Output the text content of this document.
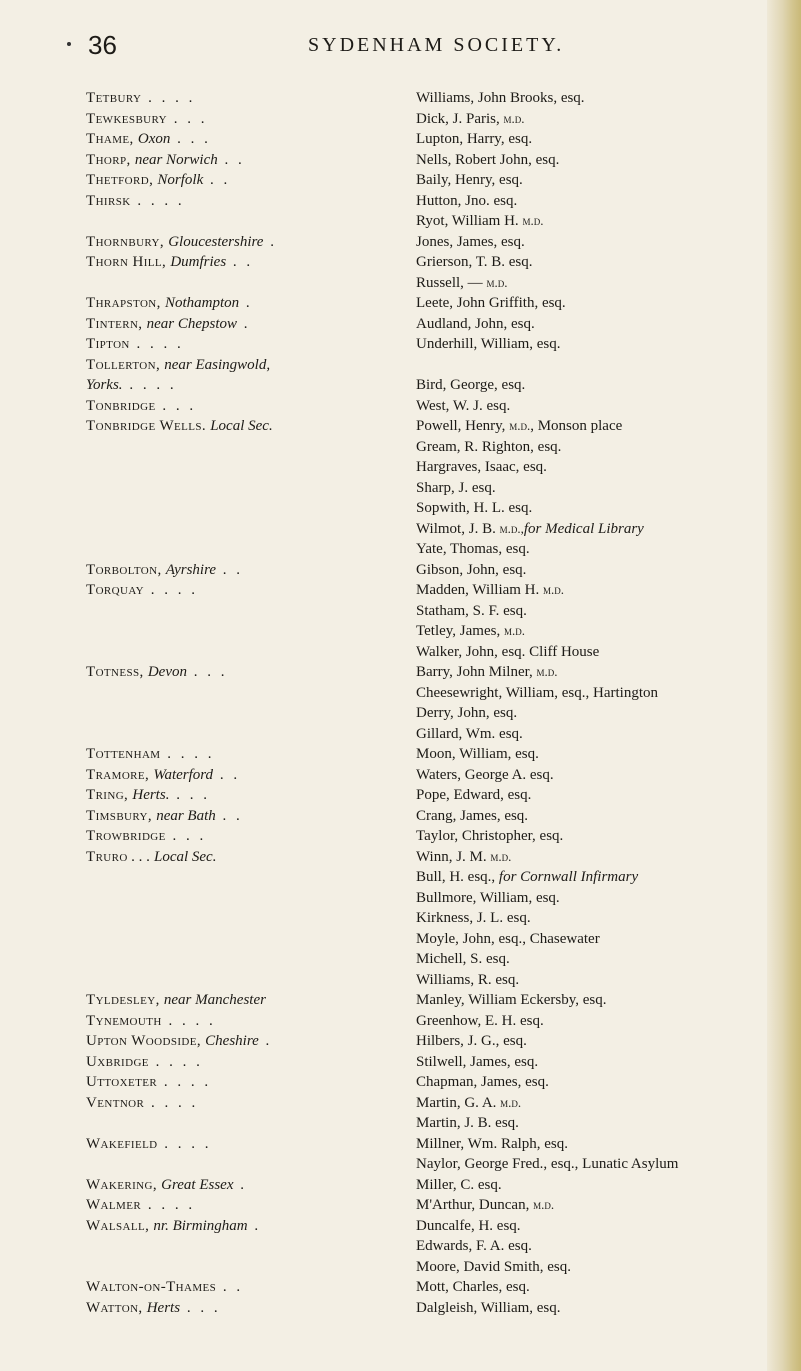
36	SYDENHAM SOCIETY.
Tetbury . . . .	Williams, John Brooks, esq.
Tewkesbury . . .	Dick, J. Paris, m.d.
Thame, Oxon . . .	Lupton, Harry, esq.
Thorp, near Norwich . .	Nells, Robert John, esq.
Thetford, Norfolk . .	Baily, Henry, esq.
Thirsk . . . .	Hutton, Jno. esq.
Ryot, William H. m.d.
Thornbury, Gloucestershire .	Jones, James, esq.
Thorn Hill, Dumfries . .	Grierson, T. B. esq.
Russell, — m.d.
Thrapston, Nothampton .	Leete, John Griffith, esq.
Tintern, near Chepstow .	Audland, John, esq.
Tipton . . . .	Underhill, William, esq.
Tollerton, near Easingwold,
Yorks. . . . .	Bird, George, esq.
Tonbridge . . .	West, W. J. esq.
Tonbridge Wells. Local Sec.	Powell, Henry, m.d., Monson place
Gream, R. Righton, esq.
Hargraves, Isaac, esq.
Sharp, J. esq.
Sopwith, H. L. esq.
Wilmot, J. B. m.d.,for Medical Library
Yate, Thomas, esq.
Torbolton, Ayrshire . .	Gibson, John, esq.
Torquay . . . .	Madden, William H. m.d.
Statham, S. F. esq.
Tetley, James, m.d.
Walker, John, esq. Cliff House
Totness, Devon . . .	Barry, John Milner, m.d.
Cheesewright, William, esq., Hartington
Derry, John, esq.
Gillard, Wm. esq.
Tottenham . . . .	Moon, William, esq.
Tramore, Waterford . .	Waters, George A. esq.
Tring, Herts. . . .	Pope, Edward, esq.
Timsbury, near Bath . .	Crang, James, esq.
Trowbridge . . .	Taylor, Christopher, esq.
Truro . . . Local Sec.	Winn, J. M. m.d.
Bull, H. esq., for Cornwall Infirmary
Bullmore, William, esq.
Kirkness, J. L. esq.
Moyle, John, esq., Chasewater
Michell, S. esq.
Williams, R. esq.
Tyldesley, near Manchester	Manley, William Eckersby, esq.
Tynemouth . . . .	Greenhow, E. H. esq.
Upton Woodside, Cheshire .	Hilbers, J. G., esq.
Uxbridge . . . .	Stilwell, James, esq.
Uttoxeter . . . .	Chapman, James, esq.
Ventnor . . . .	Martin, G. A. m.d.
Martin, J. B. esq.
Wakefield . . . .	Millner, Wm. Ralph, esq.
Naylor, George Fred., esq., Lunatic Asylum
Wakering, Great Essex .	Miller, C. esq.
Walmer . . . .	M'Arthur, Duncan, m.d.
Walsall, nr. Birmingham .	Duncalfe, H. esq.
Edwards, F. A. esq.
Moore, David Smith, esq.
Walton-on-Thames . .	Mott, Charles, esq.
Watton, Herts . . .	Dalgleish, William, esq.
